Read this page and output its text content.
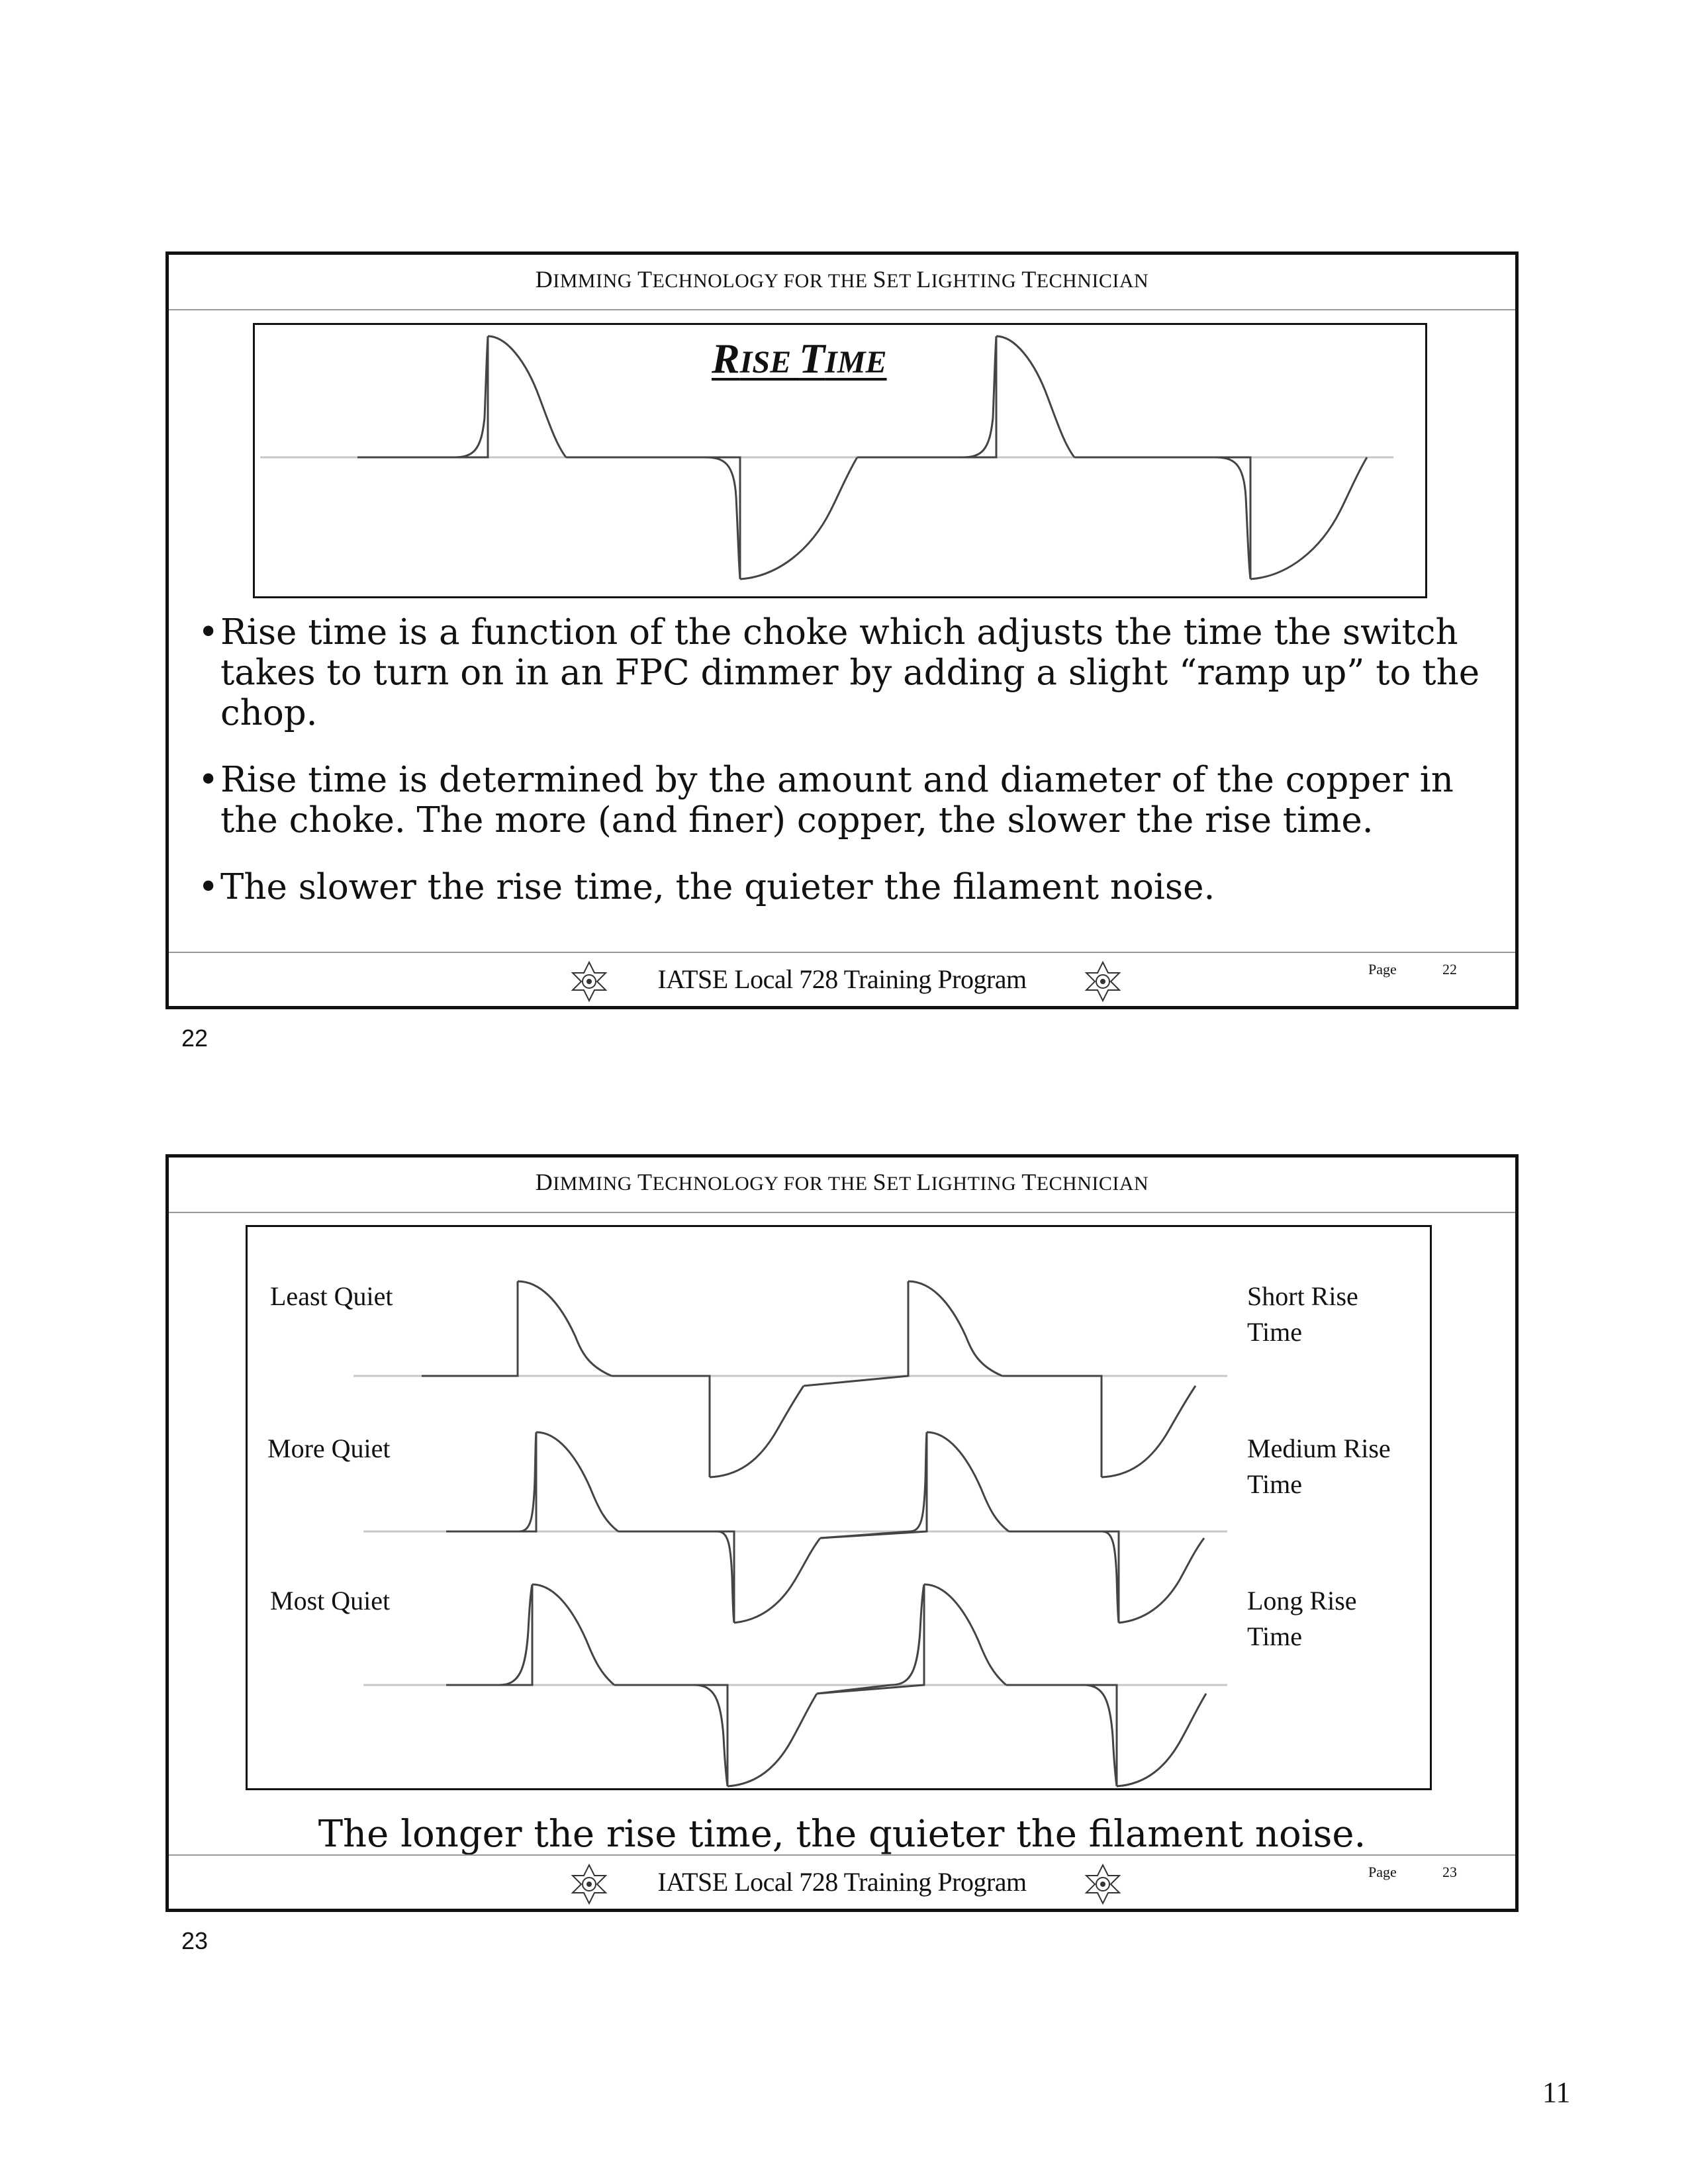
DIMMING TECHNOLOGY FOR THE SET LIGHTING TECHNICIAN
RISE TIME
• Rise time is a function of the choke which adjusts the time the switch takes to turn on in an FPC dimmer by adding a slight “ramp up” to the chop.
• Rise time is determined by the amount and diameter of the copper in the choke. The more (and finer) copper, the slower the rise time.
• The slower the rise time, the quieter the filament noise.
IATSE Local 728 Training Program	Page	22
22
DIMMING TECHNOLOGY FOR THE SET LIGHTING TECHNICIAN
Least Quiet
More Quiet
Most Quiet
Short Rise Time
Medium Rise Time
Long Rise Time
The longer the rise time, the quieter the filament noise.
IATSE Local 728 Training Program	Page	23
23
11
